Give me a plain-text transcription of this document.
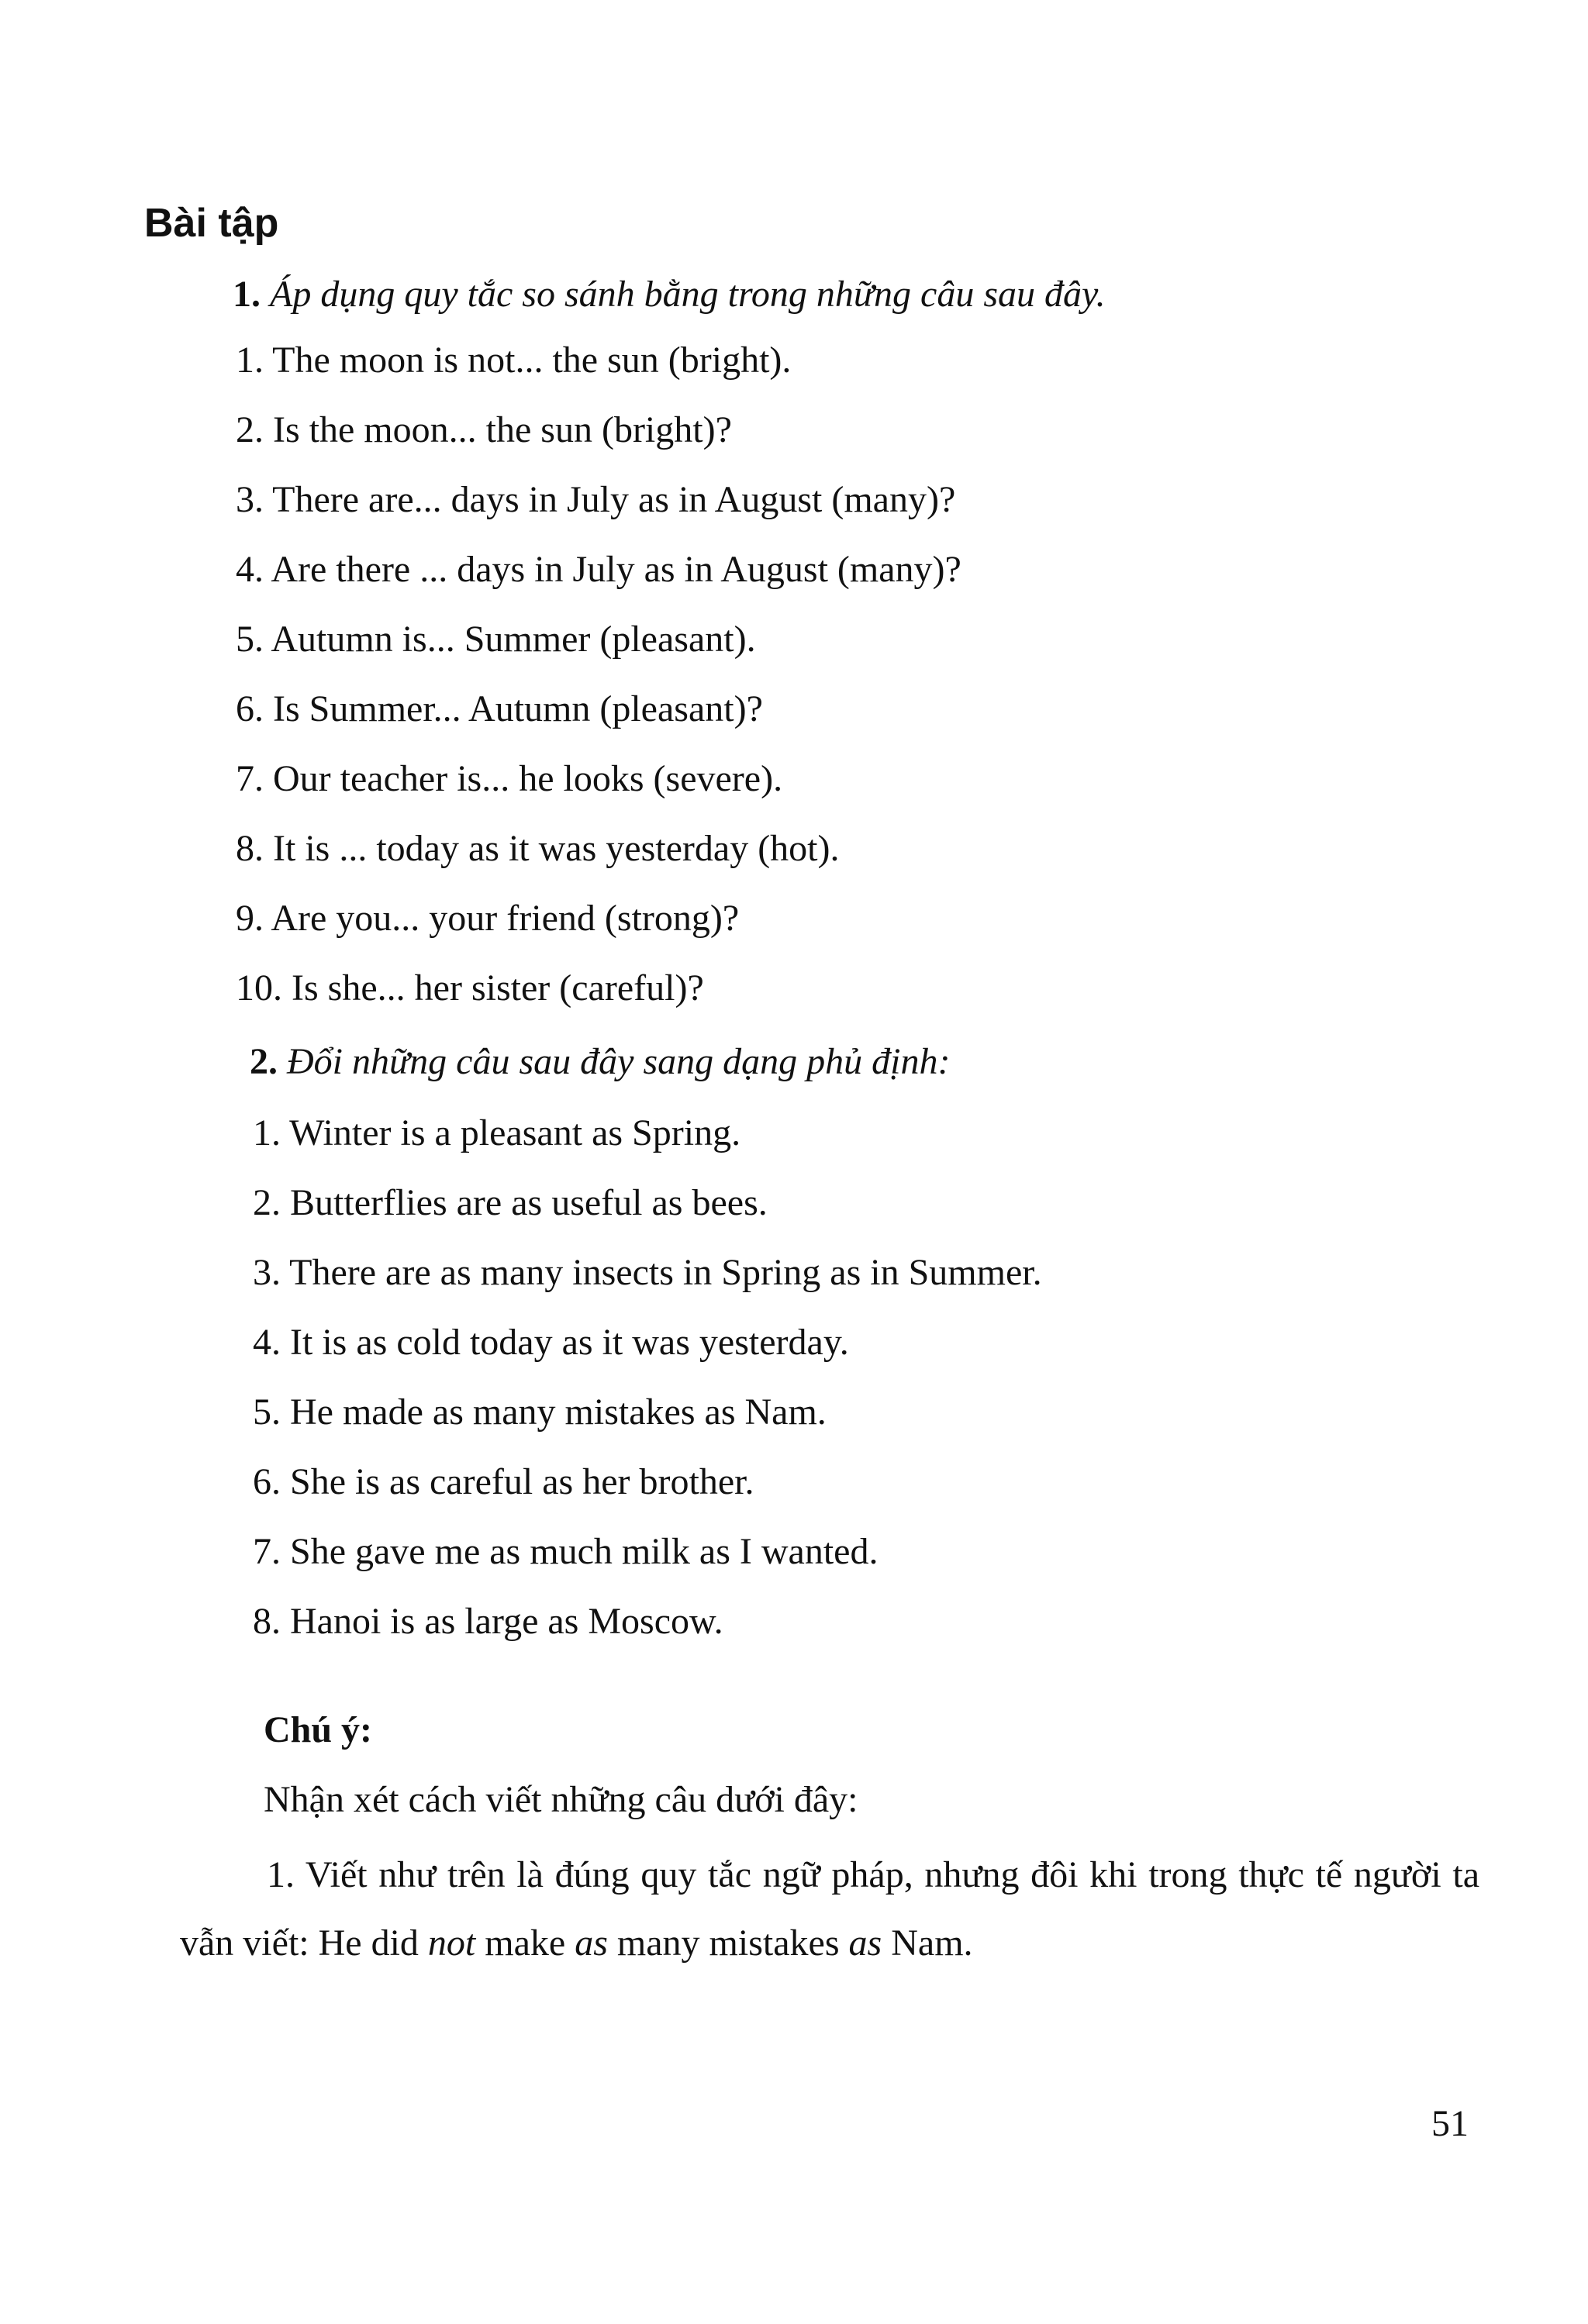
Bài tập

1. Áp dụng quy tắc so sánh bằng trong những câu sau đây.

1. The moon is not... the sun (bright).
2. Is the moon... the sun (bright)?
3. There are... days in July as in August (many)?
4. Are there ... days in July as in August (many)?
5. Autumn is... Summer (pleasant).
6. Is Summer... Autumn (pleasant)?
7. Our teacher is... he looks (severe).
8. It is ... today as it was yesterday (hot).
9. Are you... your friend (strong)?
10. Is she... her sister (careful)?

2. Đổi những câu sau đây sang dạng phủ định:

1. Winter is a pleasant as Spring.
2. Butterflies are as useful as bees.
3. There are as many insects in Spring as in Summer.
4. It is as cold today as it was yesterday.
5. He made as many mistakes as Nam.
6. She is as careful as her brother.
7. She gave me as much milk as I wanted.
8. Hanoi is as large as Moscow.

Chú ý:

Nhận xét cách viết những câu dưới đây:

1. Viết như trên là đúng quy tắc ngữ pháp, nhưng đôi khi trong thực tế người ta vẫn viết: He did not make as many mistakes as Nam.

51
